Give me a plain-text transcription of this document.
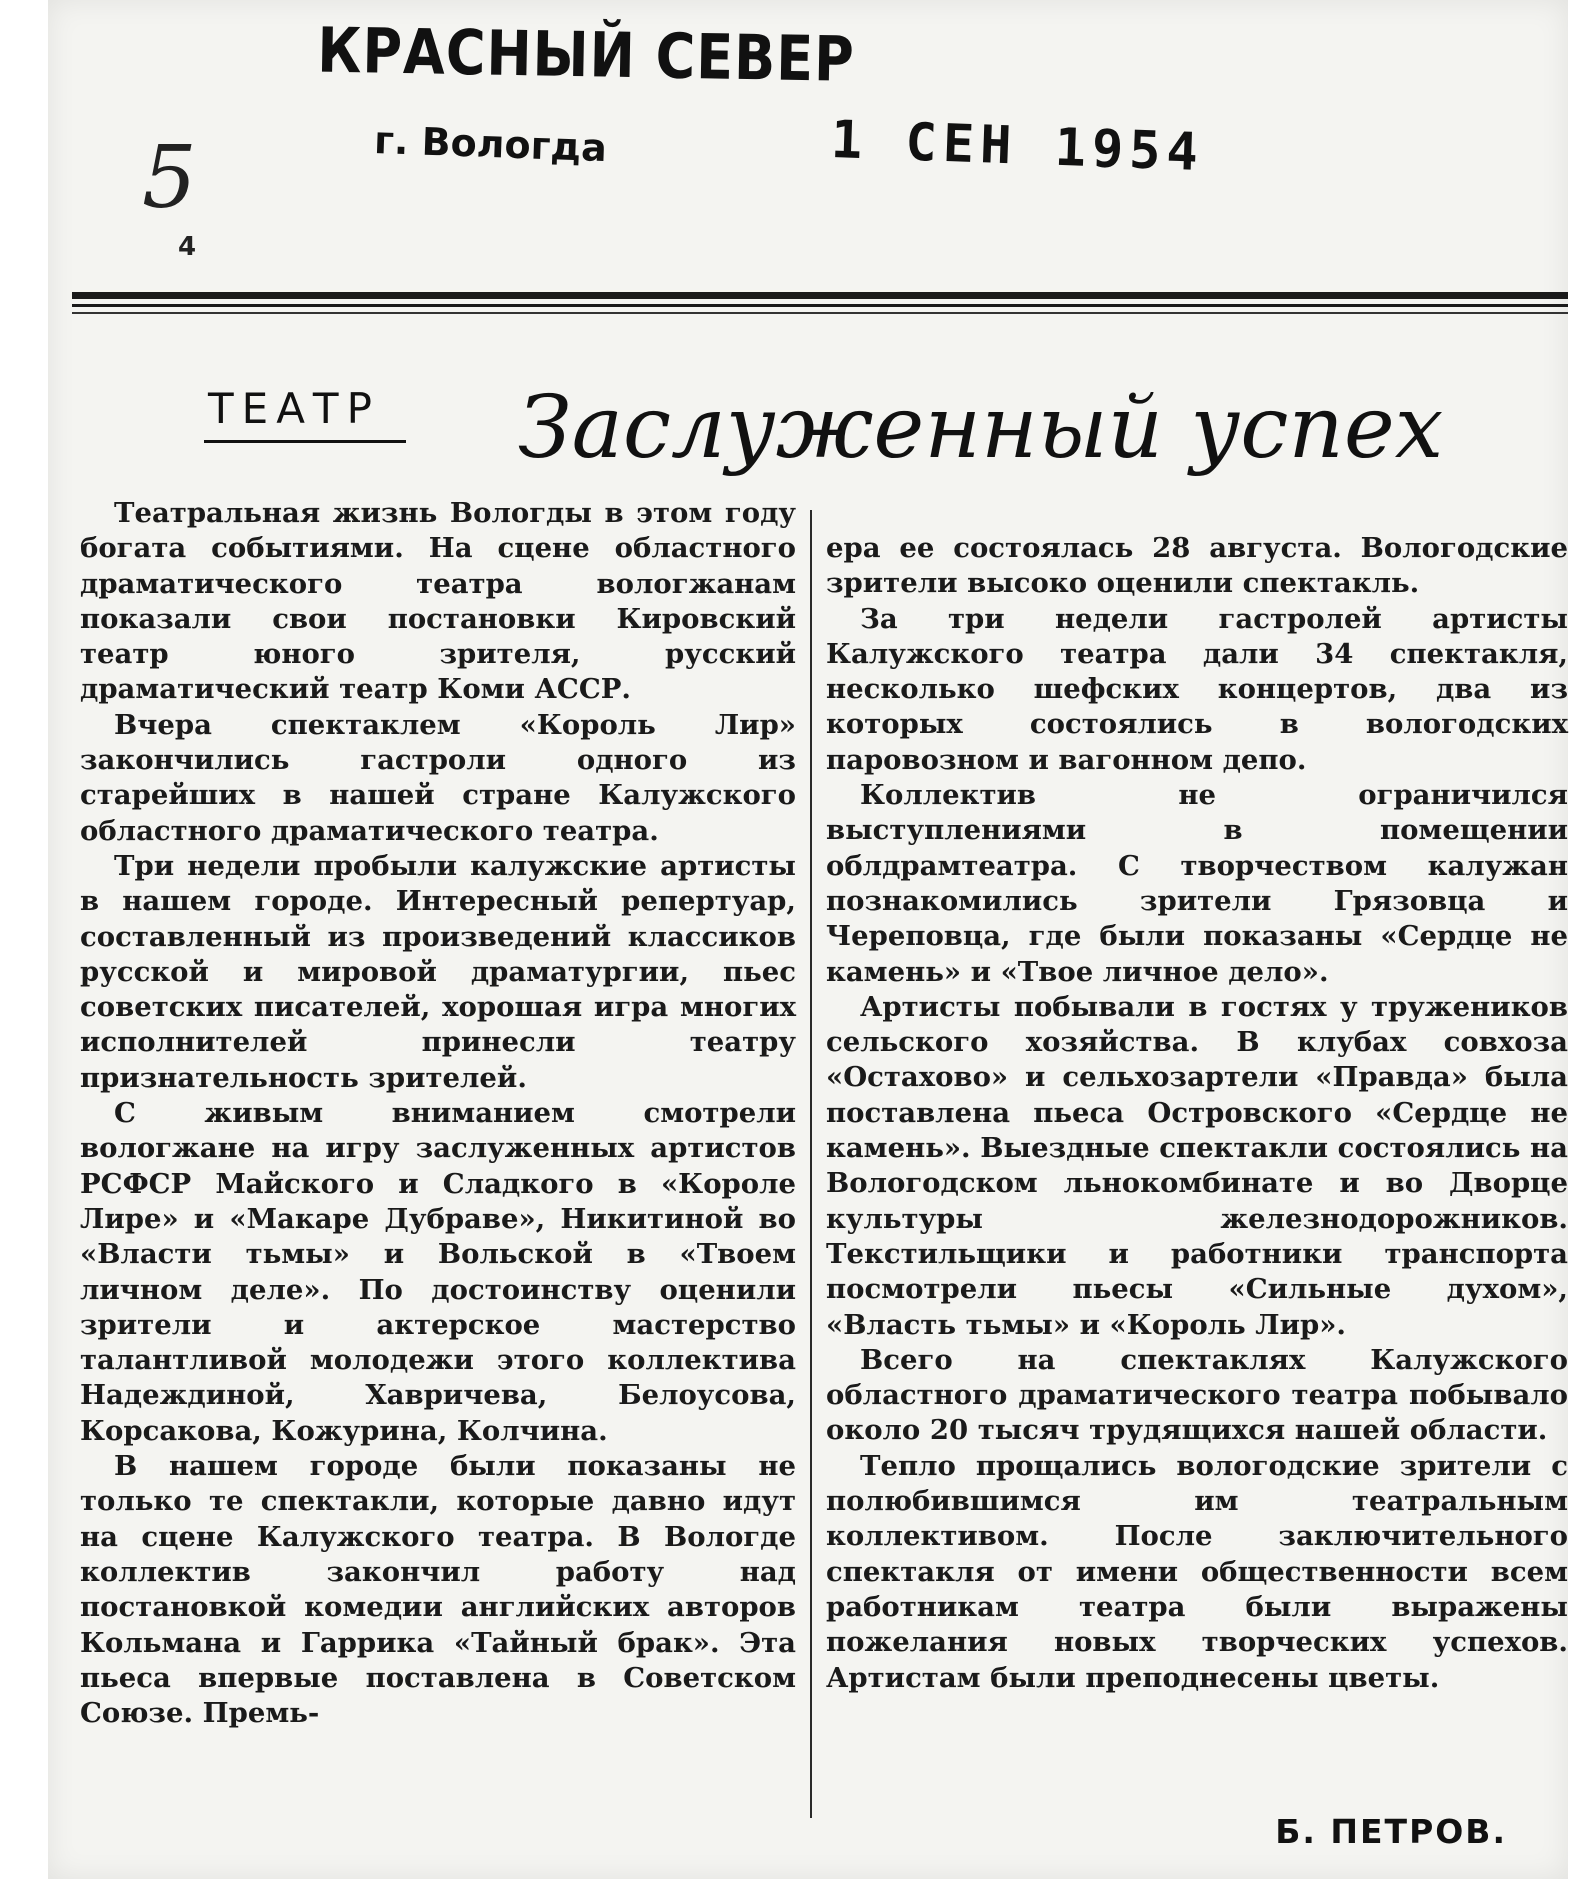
КРАСНЫЙ СЕВЕР
г. Вологда	1 СЕН 1954
5
4
ТЕАТР Заслуженный успех

Театральная жизнь Вологды в этом году богата событиями. На сцене областного драматического театра вологжанам показали свои постановки Кировский театр юного зрителя, русский драматический театр Коми АССР.

Вчера спектаклем «Король Лир» закончились гастроли одного из старейших в нашей стране Калужского областного драматического театра.

Три недели пробыли калужские артисты в нашем городе. Интересный репертуар, составленный из произведений классиков русской и мировой драматургии, пьес советских писателей, хорошая игра многих исполнителей принесли театру признательность зрителей.

С живым вниманием смотрели вологжане на игру заслуженных артистов РСФСР Майского и Сладкого в «Короле Лире» и «Макаре Дубраве», Никитиной во «Власти тьмы» и Вольской в «Твоем личном деле». По достоинству оценили зрители и актерское мастерство талантливой молодежи этого коллектива Надеждиной, Хавричева, Белоусова, Корсакова, Кожурина, Колчина.

В нашем городе были показаны не только те спектакли, которые давно идут на сцене Калужского театра. В Вологде коллектив закончил работу над постановкой комедии английских авторов Кольмана и Гаррика «Тайный брак». Эта пьеса впервые поставлена в Советском Союзе. Премь-

ера ее состоялась 28 августа. Вологодские зрители высоко оценили спектакль.

За три недели гастролей артисты Калужского театра дали 34 спектакля, несколько шефских концертов, два из которых состоялись в вологодских паровозном и вагонном депо.

Коллектив не ограничился выступлениями в помещении облдрамтеатра. С творчеством калужан познакомились зрители Грязовца и Череповца, где были показаны «Сердце не камень» и «Твое личное дело».

Артисты побывали в гостях у тружеников сельского хозяйства. В клубах совхоза «Остахово» и сельхозартели «Правда» была поставлена пьеса Островского «Сердце не камень». Выездные спектакли состоялись на Вологодском льнокомбинате и во Дворце культуры железнодорожников. Текстильщики и работники транспорта посмотрели пьесы «Сильные духом», «Власть тьмы» и «Король Лир».

Всего на спектаклях Калужского областного драматического театра побывало около 20 тысяч трудящихся нашей области.

Тепло прощались вологодские зрители с полюбившимся им театральным коллективом. После заключительного спектакля от имени общественности всем работникам театра были выражены пожелания новых творческих успехов. Артистам были преподнесены цветы.

Б. ПЕТРОВ.
